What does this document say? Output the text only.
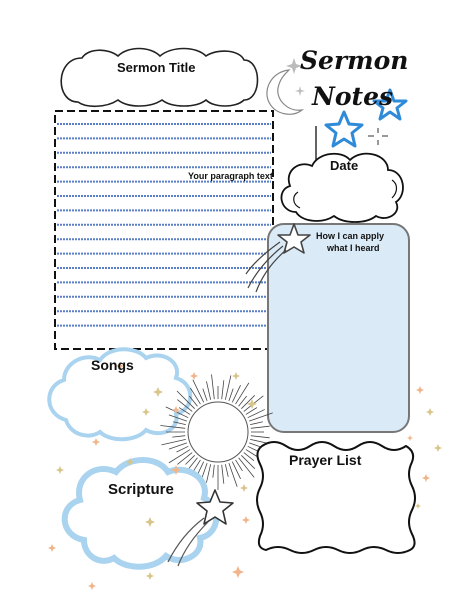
Sermon
Notes
Sermon Title
Date
Your paragraph text
How I can apply
what I heard
Songs
Prayer List
Scripture
